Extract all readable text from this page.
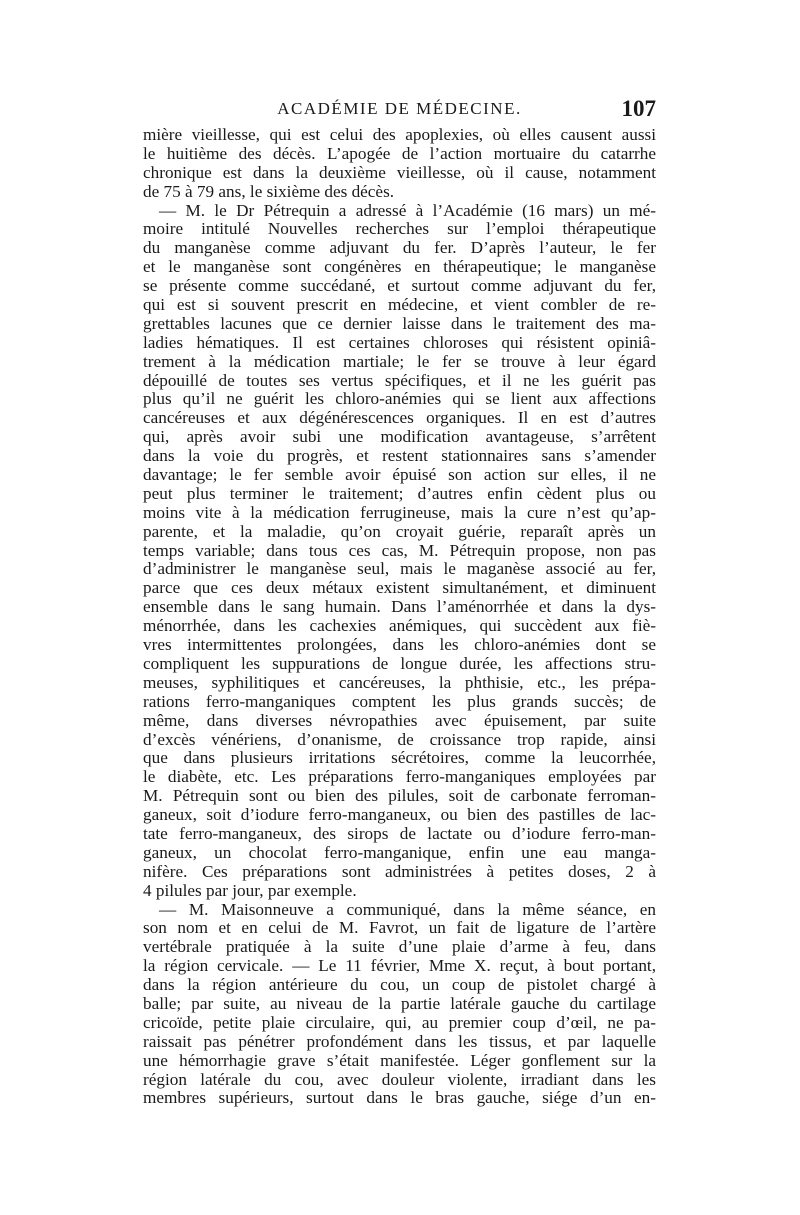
ACADÉMIE DE MÉDECINE.	107
mière vieillesse, qui est celui des apoplexies, où elles causent aussi
le huitième des décès. L’apogée de l’action mortuaire du catarrhe
chronique est dans la deuxième vieillesse, où il cause, notamment
de 75 à 79 ans, le sixième des décès.
— M. le Dr Pétrequin a adressé à l’Académie (16 mars) un mé-
moire intitulé Nouvelles recherches sur l’emploi thérapeutique
du manganèse comme adjuvant du fer. D’après l’auteur, le fer
et le manganèse sont congénères en thérapeutique; le manganèse
se présente comme succédané, et surtout comme adjuvant du fer,
qui est si souvent prescrit en médecine, et vient combler de re-
grettables lacunes que ce dernier laisse dans le traitement des ma-
ladies hématiques. Il est certaines chloroses qui résistent opiniâ-
trement à la médication martiale; le fer se trouve à leur égard
dépouillé de toutes ses vertus spécifiques, et il ne les guérit pas
plus qu’il ne guérit les chloro-anémies qui se lient aux affections
cancéreuses et aux dégénérescences organiques. Il en est d’autres
qui, après avoir subi une modification avantageuse, s’arrêtent
dans la voie du progrès, et restent stationnaires sans s’amender
davantage; le fer semble avoir épuisé son action sur elles, il ne
peut plus terminer le traitement; d’autres enfin cèdent plus ou
moins vite à la médication ferrugineuse, mais la cure n’est qu’ap-
parente, et la maladie, qu’on croyait guérie, reparaît après un
temps variable; dans tous ces cas, M. Pétrequin propose, non pas
d’administrer le manganèse seul, mais le maganèse associé au fer,
parce que ces deux métaux existent simultanément, et diminuent
ensemble dans le sang humain. Dans l’aménorrhée et dans la dys-
ménorrhée, dans les cachexies anémiques, qui succèdent aux fiè-
vres intermittentes prolongées, dans les chloro-anémies dont se
compliquent les suppurations de longue durée, les affections stru-
meuses, syphilitiques et cancéreuses, la phthisie, etc., les prépa-
rations ferro-manganiques comptent les plus grands succès; de
même, dans diverses névropathies avec épuisement, par suite
d’excès vénériens, d’onanisme, de croissance trop rapide, ainsi
que dans plusieurs irritations sécrétoires, comme la leucorrhée,
le diabète, etc. Les préparations ferro-manganiques employées par
M. Pétrequin sont ou bien des pilules, soit de carbonate ferroman-
ganeux, soit d’iodure ferro-manganeux, ou bien des pastilles de lac-
tate ferro-manganeux, des sirops de lactate ou d’iodure ferro-man-
ganeux, un chocolat ferro-manganique, enfin une eau manga-
nifère. Ces préparations sont administrées à petites doses, 2 à
4 pilules par jour, par exemple.
— M. Maisonneuve a communiqué, dans la même séance, en
son nom et en celui de M. Favrot, un fait de ligature de l’artère
vertébrale pratiquée à la suite d’une plaie d’arme à feu, dans
la région cervicale. — Le 11 février, Mme X. reçut, à bout portant,
dans la région antérieure du cou, un coup de pistolet chargé à
balle; par suite, au niveau de la partie latérale gauche du cartilage
cricoïde, petite plaie circulaire, qui, au premier coup d’œil, ne pa-
raissait pas pénétrer profondément dans les tissus, et par laquelle
une hémorrhagie grave s’était manifestée. Léger gonflement sur la
région latérale du cou, avec douleur violente, irradiant dans les
membres supérieurs, surtout dans le bras gauche, siége d’un en-
